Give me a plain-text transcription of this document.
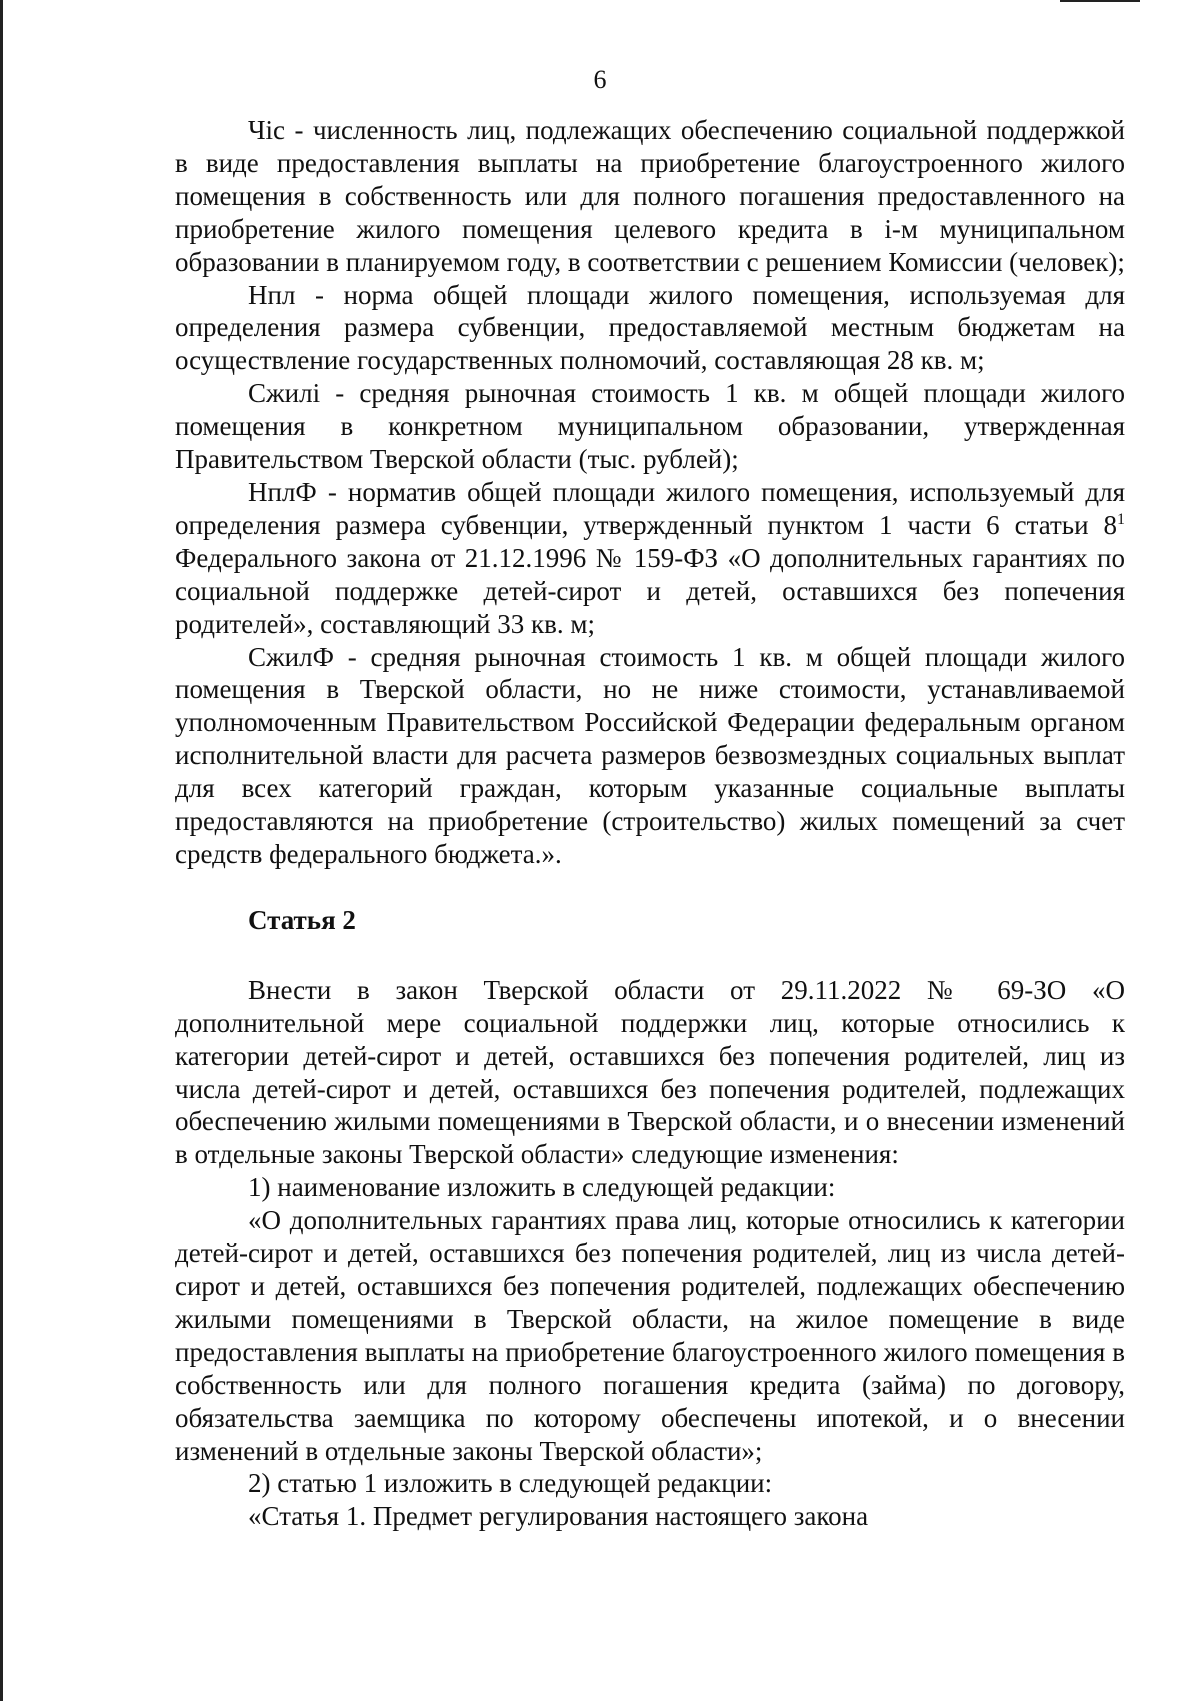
6

Чiс - численность лиц, подлежащих обеспечению социальной поддержкой в виде предоставления выплаты на приобретение благоустроенного жилого помещения в собственность или для полного погашения предоставленного на приобретение жилого помещения целевого кредита в i-м муниципальном образовании в планируемом году, в соответствии с решением Комиссии (человек);

Нпл - норма общей площади жилого помещения, используемая для определения размера субвенции, предоставляемой местным бюджетам на осуществление государственных полномочий, составляющая 28 кв. м;

Сжилi - средняя рыночная стоимость 1 кв. м общей площади жилого помещения в конкретном муниципальном образовании, утвержденная Правительством Тверской области (тыс. рублей);

НплФ - норматив общей площади жилого помещения, используемый для определения размера субвенции, утвержденный пунктом 1 части 6 статьи $8^1$ Федерального закона от 21.12.1996 № 159-ФЗ «О дополнительных гарантиях по социальной поддержке детей-сирот и детей, оставшихся без попечения родителей», составляющий 33 кв. м;

СжилФ - средняя рыночная стоимость 1 кв. м общей площади жилого помещения в Тверской области, но не ниже стоимости, устанавливаемой уполномоченным Правительством Российской Федерации федеральным органом исполнительной власти для расчета размеров безвозмездных социальных выплат для всех категорий граждан, которым указанные социальные выплаты предоставляются на приобретение (строительство) жилых помещений за счет средств федерального бюджета.».

Статья 2

Внести в закон Тверской области от 29.11.2022 № 69-ЗО «О дополнительной мере социальной поддержки лиц, которые относились к категории детей-сирот и детей, оставшихся без попечения родителей, лиц из числа детей-сирот и детей, оставшихся без попечения родителей, подлежащих обеспечению жилыми помещениями в Тверской области, и о внесении изменений в отдельные законы Тверской области» следующие изменения:

1) наименование изложить в следующей редакции:

«О дополнительных гарантиях права лиц, которые относились к категории детей-сирот и детей, оставшихся без попечения родителей, лиц из числа детей-сирот и детей, оставшихся без попечения родителей, подлежащих обеспечению жилыми помещениями в Тверской области, на жилое помещение в виде предоставления выплаты на приобретение благоустроенного жилого помещения в собственность или для полного погашения кредита (займа) по договору, обязательства заемщика по которому обеспечены ипотекой, и о внесении изменений в отдельные законы Тверской области»;

2) статью 1 изложить в следующей редакции:

«Статья 1. Предмет регулирования настоящего закона
